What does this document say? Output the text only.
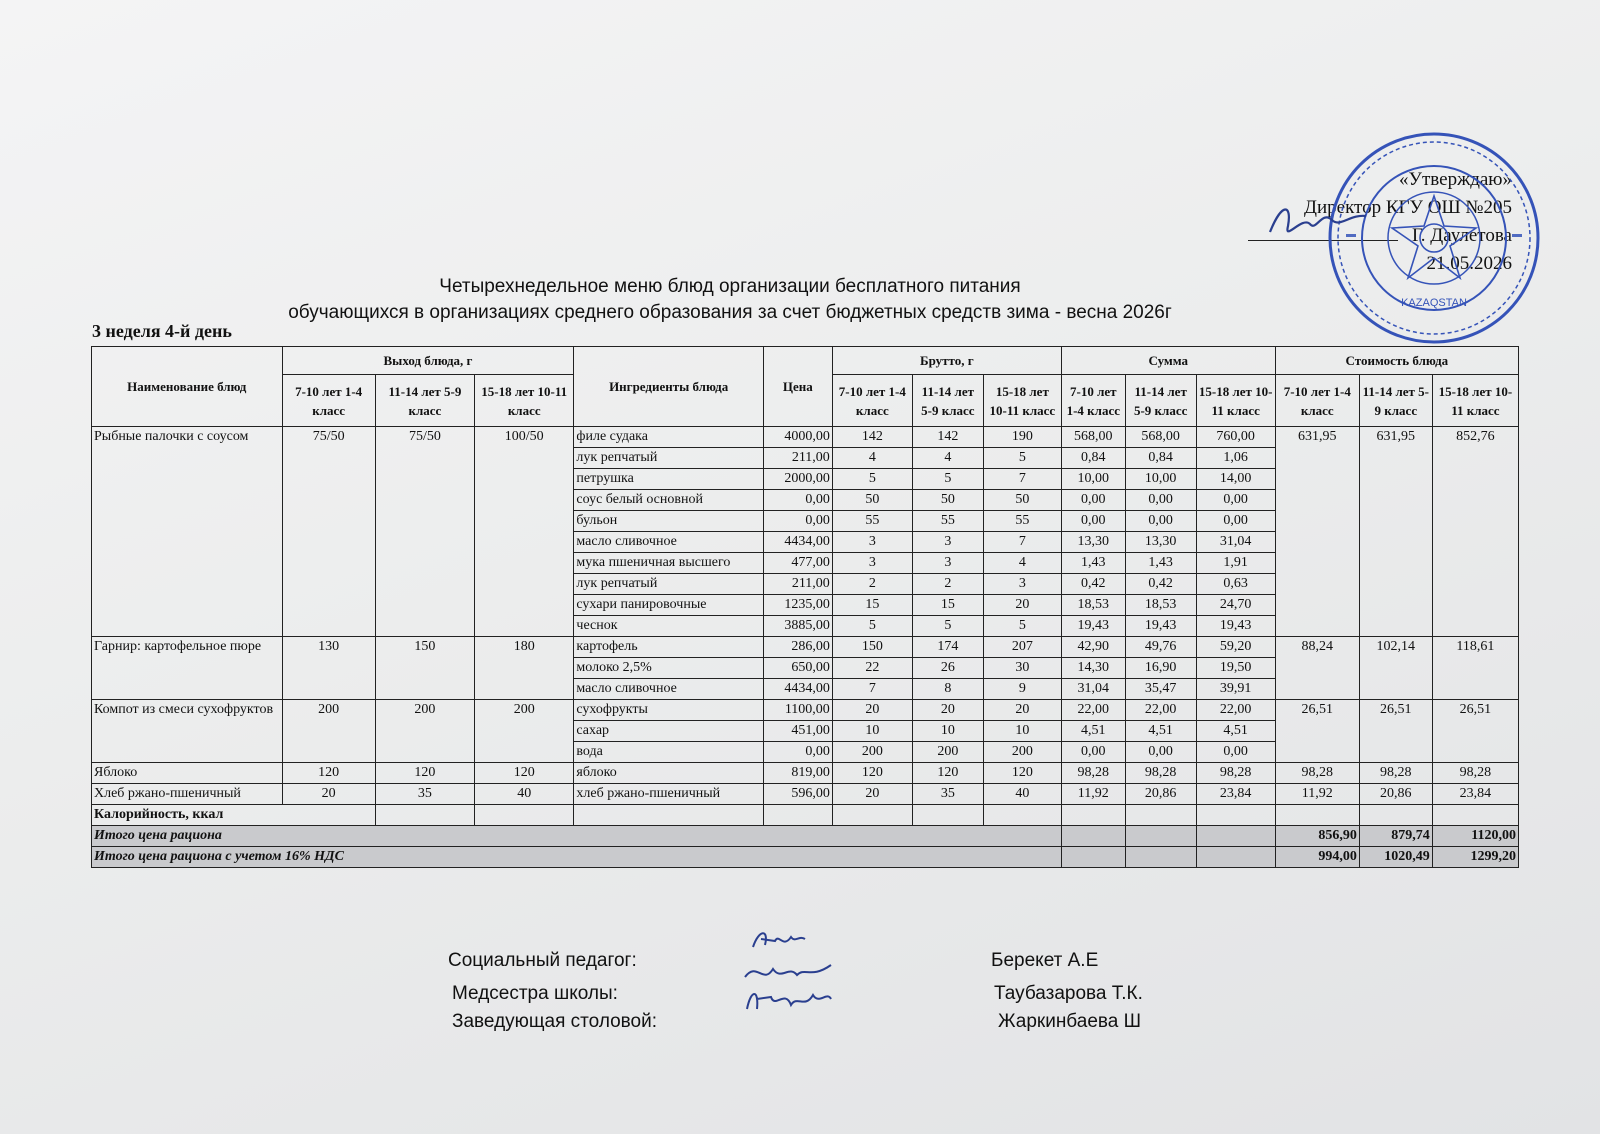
«Утверждаю»
Директор КГУ ОШ №205
Г. Даулетова
21.05.2026
KAZAQSTAN
Четырехнедельное меню блюд организации бесплатного питания
обучающихся в организациях среднего образования за счет бюджетных средств зима - весна 2026г
3 неделя 4-й день
Наименование блюд	Выход блюда, г			Ингредиенты блюда	Цена	Брутто, г			Сумма			Стоимость блюда		
	7-10 лет 1-4 класс	11-14 лет 5-9 класс	15-18 лет 10-11 класс			7-10 лет 1-4 класс	11-14 лет 5-9 класс	15-18 лет 10-11 класс	7-10 лет 1-4 класс	11-14 лет 5-9 класс	15-18 лет 10-11 класс	7-10 лет 1-4 класс	11-14 лет 5-9 класс	15-18 лет 10-11 класс
Рыбные палочки с соусом	75/50	75/50	100/50	филе судака	4000,00	142	142	190	568,00	568,00	760,00	631,95	631,95	852,76
				лук репчатый	211,00	4	4	5	0,84	0,84	1,06			
				петрушка	2000,00	5	5	7	10,00	10,00	14,00			
				соус белый основной	0,00	50	50	50	0,00	0,00	0,00			
				бульон	0,00	55	55	55	0,00	0,00	0,00			
				масло сливочное	4434,00	3	3	7	13,30	13,30	31,04			
				мука пшеничная высшего	477,00	3	3	4	1,43	1,43	1,91			
				лук репчатый	211,00	2	2	3	0,42	0,42	0,63			
				сухари панировочные	1235,00	15	15	20	18,53	18,53	24,70			
				чеснок	3885,00	5	5	5	19,43	19,43	19,43			
Гарнир: картофельное пюре	130	150	180	картофель	286,00	150	174	207	42,90	49,76	59,20	88,24	102,14	118,61
				молоко 2,5%	650,00	22	26	30	14,30	16,90	19,50			
				масло сливочное	4434,00	7	8	9	31,04	35,47	39,91			
Компот из смеси сухофруктов	200	200	200	сухофрукты	1100,00	20	20	20	22,00	22,00	22,00	26,51	26,51	26,51
				сахар	451,00	10	10	10	4,51	4,51	4,51			
				вода	0,00	200	200	200	0,00	0,00	0,00			
Яблоко	120	120	120	яблоко	819,00	120	120	120	98,28	98,28	98,28	98,28	98,28	98,28
Хлеб ржано-пшеничный	20	35	40	хлеб ржано-пшеничный	596,00	20	35	40	11,92	20,86	23,84	11,92	20,86	23,84
Калорийность, ккал														
Итого цена рациона												856,90	879,74	1120,00
Итого цена рациона с учетом 16% НДС												994,00	1020,49	1299,20
Социальный педагог:
Медсестра школы:
Заведующая столовой:
Берекет А.Е
Таубазарова Т.К.
Жаркинбаева Ш
